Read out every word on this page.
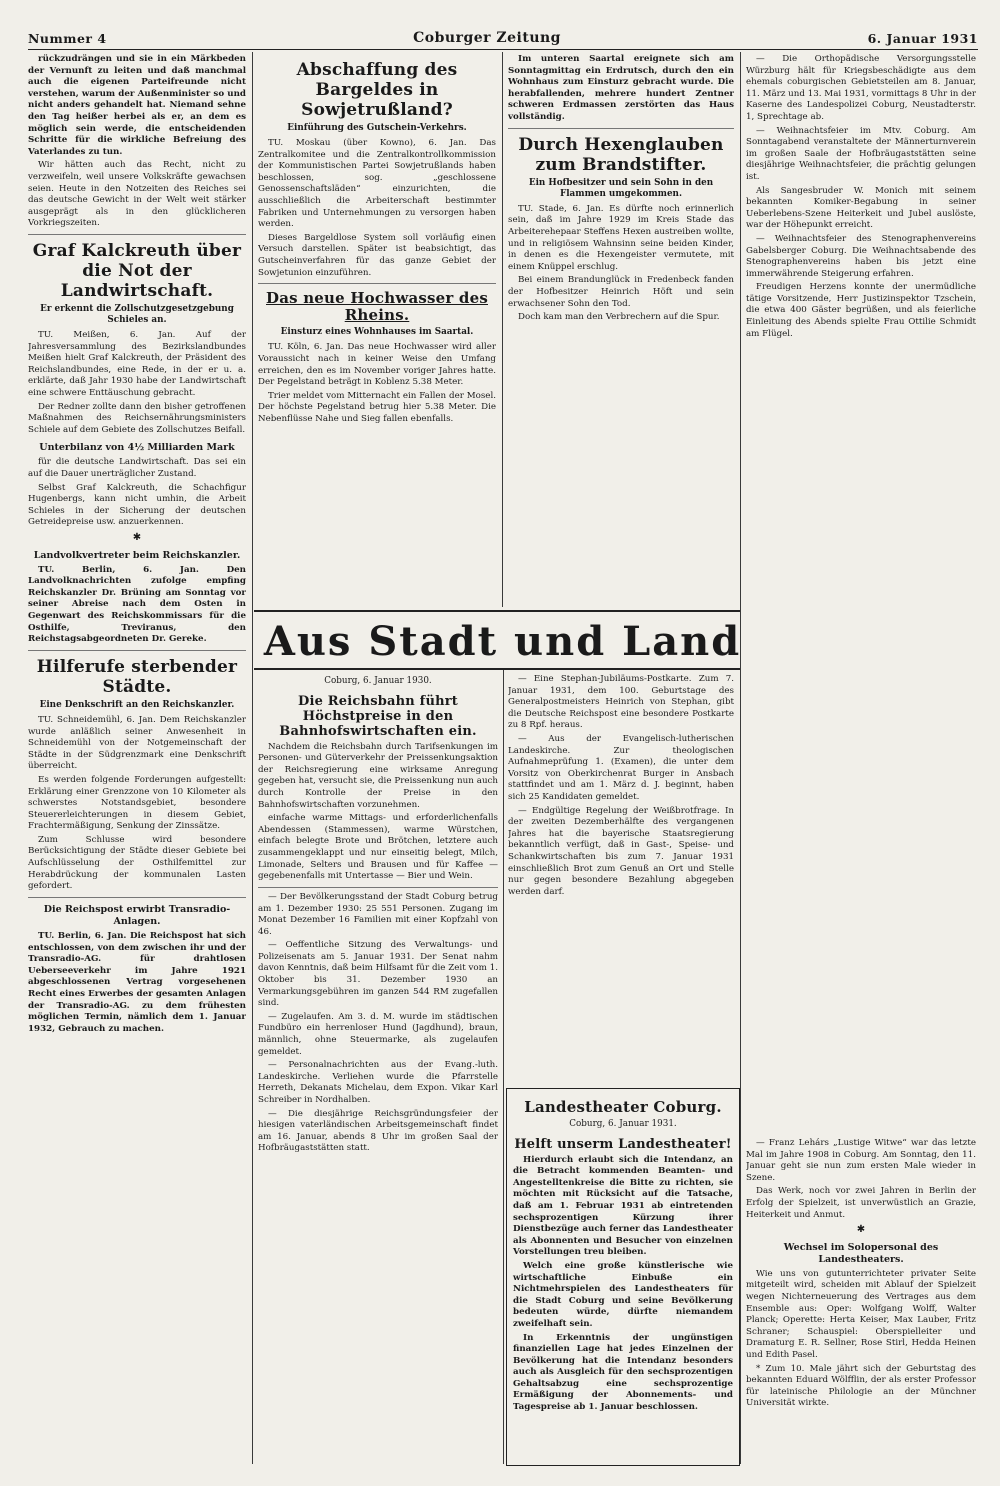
Nummer 4	Coburger Zeitung	6. Januar 1931

rückzudrängen und sie in ein Märkbeden der Vernunft zu leiten und daß manchmal auch die eigenen Parteifreunde nicht verstehen, warum der Außenminister so und nicht anders gehandelt hat. Niemand sehne den Tag heißer herbei als er, an dem es möglich sein werde, die entscheidenden Schritte für die wirkliche Befreiung des Vaterlandes zu tun.

Wir hätten auch das Recht, nicht zu verzweifeln, weil unsere Volkskräfte gewachsen seien. Heute in den Notzeiten des Reiches sei das deutsche Gewicht in der Welt weit stärker ausgeprägt als in den glücklicheren Vorkriegszeiten.

Graf Kalckreuth über die Not der Landwirtschaft.
Er erkennt die Zollschutzgesetzgebung Schieles an.

TU. Meißen, 6. Jan. Auf der Jahresversammlung des Bezirkslandbundes Meißen hielt Graf Kalckreuth, der Präsident des Reichslandbundes, eine Rede, in der er u. a. erklärte, daß Jahr 1930 habe der Landwirtschaft eine schwere Enttäuschung gebracht.

Der Redner zollte dann den bisher getroffenen Maßnahmen des Reichsernährungsministers Schiele auf dem Gebiete des Zollschutzes Beifall.

Unterbilanz von 4½ Milliarden Mark

für die deutsche Landwirtschaft. Das sei ein auf die Dauer unerträglicher Zustand.

Selbst Graf Kalckreuth, die Schachfigur Hugenbergs, kann nicht umhin, die Arbeit Schieles in der Sicherung der deutschen Getreidepreise usw. anzuerkennen.

✱
Landvolkvertreter beim Reichskanzler.

TU. Berlin, 6. Jan. Den Landvolknachrichten zufolge empfing Reichskanzler Dr. Brüning am Sonntag vor seiner Abreise nach dem Osten in Gegenwart des Reichskommissars für die Osthilfe, Treviranus, den Reichstagsabgeordneten Dr. Gereke.

Hilferufe sterbender Städte.
Eine Denkschrift an den Reichskanzler.

TU. Schneidemühl, 6. Jan. Dem Reichskanzler wurde anläßlich seiner Anwesenheit in Schneidemühl von der Notgemeinschaft der Städte in der Südgrenzmark eine Denkschrift überreicht.

Es werden folgende Forderungen aufgestellt: Erklärung einer Grenzzone von 10 Kilometer als schwerstes Notstandsgebiet, besondere Steuererleichterungen in diesem Gebiet, Frachtermäßigung, Senkung der Zinssätze.

Zum Schlusse wird besondere Berücksichtigung der Städte dieser Gebiete bei Aufschlüsselung der Osthilfemittel zur Herabdrückung der kommunalen Lasten gefordert.

Die Reichspost erwirbt Transradio-Anlagen.

TU. Berlin, 6. Jan. Die Reichspost hat sich entschlossen, von dem zwischen ihr und der Transradio-AG. für drahtlosen Ueberseeverkehr im Jahre 1921 abgeschlossenen Vertrag vorgesehenen Recht eines Erwerbes der gesamten Anlagen der Transradio-AG. zu dem frühesten möglichen Termin, nämlich dem 1. Januar 1932, Gebrauch zu machen.

Abschaffung des Bargeldes in Sowjetrußland?
Einführung des Gutschein-Verkehrs.

TU. Moskau (über Kowno), 6. Jan. Das Zentralkomitee und die Zentralkontrollkommission der Kommunistischen Partei Sowjetrußlands haben beschlossen, sog. „geschlossene Genossenschaftsläden“ einzurichten, die ausschließlich die Arbeiterschaft bestimmter Fabriken und Unternehmungen zu versorgen haben werden.

Dieses Bargeldlose System soll vorläufig einen Versuch darstellen. Später ist beabsichtigt, das Gutscheinverfahren für das ganze Gebiet der Sowjetunion einzuführen.

Das neue Hochwasser des Rheins.
Einsturz eines Wohnhauses im Saartal.

TU. Köln, 6. Jan. Das neue Hochwasser wird aller Voraussicht nach in keiner Weise den Umfang erreichen, den es im November voriger Jahres hatte. Der Pegelstand beträgt in Koblenz 5.38 Meter.

Trier meldet vom Mitternacht ein Fallen der Mosel. Der höchste Pegelstand betrug hier 5.38 Meter. Die Nebenflüsse Nahe und Sieg fallen ebenfalls.

Im unteren Saartal ereignete sich am Sonntagmittag ein Erdrutsch, durch den ein Wohnhaus zum Einsturz gebracht wurde. Die herabfallenden, mehrere hundert Zentner schweren Erdmassen zerstörten das Haus vollständig.

Durch Hexenglauben zum Brandstifter.
Ein Hofbesitzer und sein Sohn in den Flammen umgekommen.

TU. Stade, 6. Jan. Es dürfte noch erinnerlich sein, daß im Jahre 1929 im Kreis Stade das Arbeiterehepaar Steffens Hexen austreiben wollte, und in religiösem Wahnsinn seine beiden Kinder, in denen es die Hexengeister vermutete, mit einem Knüppel erschlug.

Bei einem Brandunglück in Fredenbeck fanden der Hofbesitzer Heinrich Höft und sein erwachsener Sohn den Tod.

Doch kam man den Verbrechern auf die Spur.

— Die Orthopädische Versorgungsstelle Würzburg hält für Kriegsbeschädigte aus dem ehemals coburgischen Gebietsteilen am 8. Januar, 11. März und 13. Mai 1931, vormittags 8 Uhr in der Kaserne des Landespolizei Coburg, Neustadterstr. 1, Sprechtage ab.

— Weihnachtsfeier im Mtv. Coburg. Am Sonntagabend veranstaltete der Männerturnverein im großen Saale der Hofbräugaststätten seine diesjährige Weihnachtsfeier, die prächtig gelungen ist.

Als Sangesbruder W. Monich mit seinem bekannten Komiker-Begabung in seiner Ueberlebens-Szene Heiterkeit und Jubel auslöste, war der Höhepunkt erreicht.

— Weihnachtsfeier des Stenographenvereins Gabelsberger Coburg. Die Weihnachtsabende des Stenographenvereins haben bis jetzt eine immerwährende Steigerung erfahren.

Freudigen Herzens konnte der unermüdliche tätige Vorsitzende, Herr Justizinspektor Tzschein, die etwa 400 Gäster begrüßen, und als feierliche Einleitung des Abends spielte Frau Ottilie Schmidt am Flügel.

Aus Stadt und Land
Coburg, 6. Januar 1930.
Die Reichsbahn führt Höchstpreise in den Bahnhofswirtschaften ein.

Nachdem die Reichsbahn durch Tarifsenkungen im Personen- und Güterverkehr der Preissenkungsaktion der Reichsregierung eine wirksame Anregung gegeben hat, versucht sie, die Preissenkung nun auch durch Kontrolle der Preise in den Bahnhofswirtschaften vorzunehmen.

einfache warme Mittags- und erforderlichenfalls Abendessen (Stammessen), warme Würstchen, einfach belegte Brote und Brötchen, letztere auch zusammengeklappt und nur einseitig belegt, Milch, Limonade, Selters und Brausen und für Kaffee — gegebenenfalls mit Untertasse — Bier und Wein.

— Der Bevölkerungsstand der Stadt Coburg betrug am 1. Dezember 1930: 25 551 Personen. Zugang im Monat Dezember 16 Familien mit einer Kopfzahl von 46.

— Oeffentliche Sitzung des Verwaltungs- und Polizeisenats am 5. Januar 1931. Der Senat nahm davon Kenntnis, daß beim Hilfsamt für die Zeit vom 1. Oktober bis 31. Dezember 1930 an Vermarkungsgebühren im ganzen 544 RM zugefallen sind.

— Zugelaufen. Am 3. d. M. wurde im städtischen Fundbüro ein herrenloser Hund (Jagdhund), braun, männlich, ohne Steuermarke, als zugelaufen gemeldet.

— Personalnachrichten aus der Evang.-luth. Landeskirche. Verliehen wurde die Pfarrstelle Herreth, Dekanats Michelau, dem Expon. Vikar Karl Schreiber in Nordhalben.

— Die diesjährige Reichsgründungsfeier der hiesigen vaterländischen Arbeitsgemeinschaft findet am 16. Januar, abends 8 Uhr im großen Saal der Hofbräugaststätten statt.

— Eine Stephan-Jubiläums-Postkarte. Zum 7. Januar 1931, dem 100. Geburtstage des Generalpostmeisters Heinrich von Stephan, gibt die Deutsche Reichspost eine besondere Postkarte zu 8 Rpf. heraus.

— Aus der Evangelisch-lutherischen Landeskirche. Zur theologischen Aufnahmeprüfung 1. (Examen), die unter dem Vorsitz von Oberkirchenrat Burger in Ansbach stattfindet und am 1. März d. J. beginnt, haben sich 25 Kandidaten gemeldet.

— Endgültige Regelung der Weißbrotfrage. In der zweiten Dezemberhälfte des vergangenen Jahres hat die bayerische Staatsregierung bekanntlich verfügt, daß in Gast-, Speise- und Schankwirtschaften bis zum 7. Januar 1931 einschließlich Brot zum Genuß an Ort und Stelle nur gegen besondere Bezahlung abgegeben werden darf.

Landestheater Coburg.
Coburg, 6. Januar 1931.
Helft unserm Landestheater!

Hierdurch erlaubt sich die Intendanz, an die Betracht kommenden Beamten- und Angestelltenkreise die Bitte zu richten, sie möchten mit Rücksicht auf die Tatsache, daß am 1. Februar 1931 ab eintretenden sechsprozentigen Kürzung ihrer Dienstbezüge auch ferner das Landestheater als Abonnenten und Besucher von einzelnen Vorstellungen treu bleiben.

Welch eine große künstlerische wie wirtschaftliche Einbuße ein Nichtmehrspielen des Landestheaters für die Stadt Coburg und seine Bevölkerung bedeuten würde, dürfte niemandem zweifelhaft sein.

In Erkenntnis der ungünstigen finanziellen Lage hat jedes Einzelnen der Bevölkerung hat die Intendanz besonders auch als Ausgleich für den sechsprozentigen Gehaltsabzug eine sechsprozentige Ermäßigung der Abonnements- und Tagespreise ab 1. Januar beschlossen.

— Franz Lehárs „Lustige Witwe“ war das letzte Mal im Jahre 1908 in Coburg. Am Sonntag, den 11. Januar geht sie nun zum ersten Male wieder in Szene.

Das Werk, noch vor zwei Jahren in Berlin der Erfolg der Spielzeit, ist unverwüstlich an Grazie, Heiterkeit und Anmut.

✱
Wechsel im Solopersonal des Landestheaters.

Wie uns von gutunterrichteter privater Seite mitgeteilt wird, scheiden mit Ablauf der Spielzeit wegen Nichterneuerung des Vertrages aus dem Ensemble aus: Oper: Wolfgang Wolff, Walter Planck; Operette: Herta Keiser, Max Lauber, Fritz Schraner; Schauspiel: Oberspielleiter und Dramaturg E. R. Sellner, Rose Stirl, Hedda Heinen und Edith Pasel.

* Zum 10. Male jährt sich der Geburtstag des bekannten Eduard Wölfflin, der als erster Professor für lateinische Philologie an der Münchner Universität wirkte.
